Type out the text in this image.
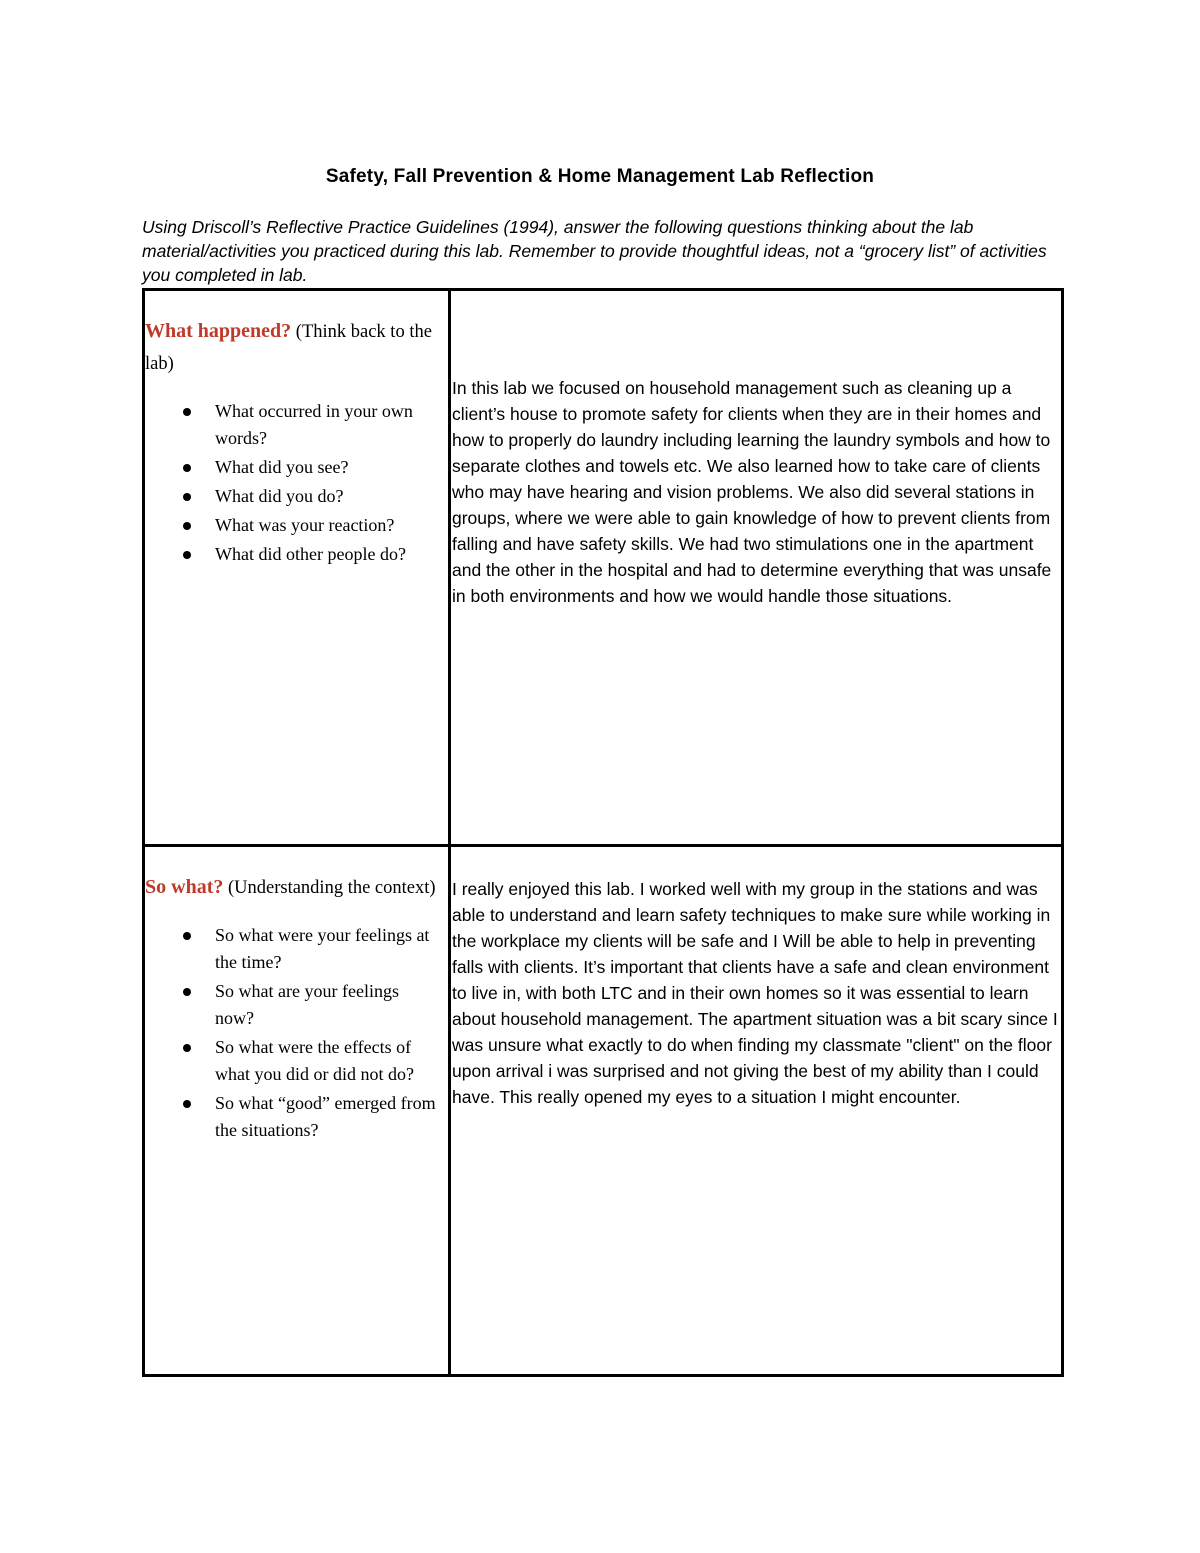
Safety, Fall Prevention & Home Management Lab Reflection
Using Driscoll’s Reflective Practice Guidelines (1994), answer the following questions thinking about the lab material/activities you practiced during this lab. Remember to provide thoughtful ideas, not a “grocery list” of activities you completed in lab.

What happened? (Think back to the lab)

What occurred in your own words?
What did you see?
What did you do?
What was your reaction?
What did other people do?
In this lab we focused on household management such as cleaning up a client’s house to promote safety for clients when they are in their homes and how to properly do laundry including learning the laundry symbols and how to separate clothes and towels etc. We also learned how to take care of clients who may have hearing and vision problems. We also did several stations in groups, where we were able to gain knowledge of how to prevent clients from falling and have safety skills. We had two stimulations one in the apartment and the other in the hospital and had to determine everything that was unsafe in both environments and how we would handle those situations.

So what? (Understanding the context)

So what were your feelings at the time?
So what are your feelings now?
So what were the effects of what you did or did not do?
So what “good” emerged from the situations?
I really enjoyed this lab. I worked well with my group in the stations and was able to understand and learn safety techniques to make sure while working in the workplace my clients will be safe and I Will be able to help in preventing falls with clients. It’s important that clients have a safe and clean environment to live in, with both LTC and in their own homes so it was essential to learn about household management. The apartment situation was a bit scary since I was unsure what exactly to do when finding my classmate "client" on the floor upon arrival i was surprised and not giving the best of my ability than I could have. This really opened my eyes to a situation I might encounter.
